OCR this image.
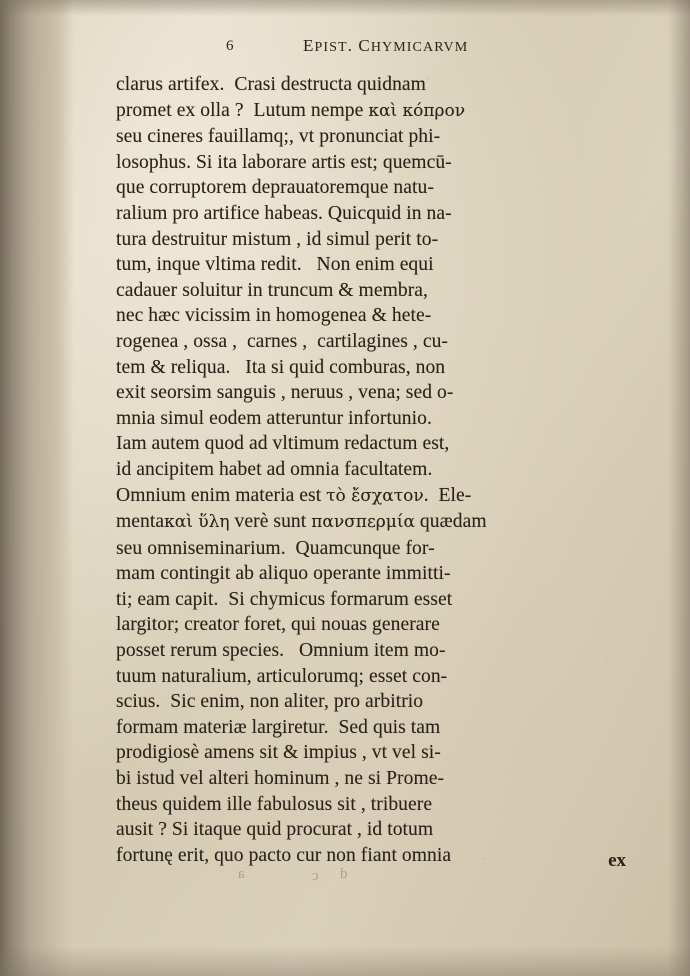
6	EPIST. CHYMICARVM
clarus artifex.  Crasi destructa quidnam
promet ex olla ?  Lutum nempe καὶ κόπρον
seu cineres fauillamq;, vt pronunciat phi-
losophus. Si ita laborare artis est; quemcū-
que corruptorem deprauatoremque natu-
ralium pro artifice habeas. Quicquid in na-
tura destruitur mistum , id simul perit to-
tum, inque vltima redit.   Non enim equi
cadauer soluitur in truncum & membra,
nec hæc vicissim in homogenea & hete-
rogenea , ossa ,  carnes ,  cartilagines , cu-
tem & reliqua.   Ita si quid comburas, non
exit seorsim sanguis , neruus , vena; sed o-
mnia simul eodem atteruntur infortunio.
Iam autem quod ad vltimum redactum est,
id ancipitem habet ad omnia facultatem.
Omnium enim materia est τὸ ἔσχατον.  Ele-
mentaκαὶ ὕλη verè sunt πανσπερμία quædam
seu omniseminarium.  Quamcunque for-
mam contingit ab aliquo operante immitti-
ti; eam capit.  Si chymicus formarum esset
largitor; creator foret, qui nouas generare
posset rerum species.   Omnium item mo-
tuum naturalium, articulorumq; esset con-
scius.  Sic enim, non aliter, pro arbitrio
formam materiæ largiretur.  Sed quis tam
prodigiosè amens sit & impius , vt vel si-
bi istud vel alteri hominum , ne si Prome-
theus quidem ille fabulosus sit , tribuere
ausit ? Si itaque quid procurat , id totum
fortunę erit, quo pacto cur non fiant omnia	ex
a	c d
